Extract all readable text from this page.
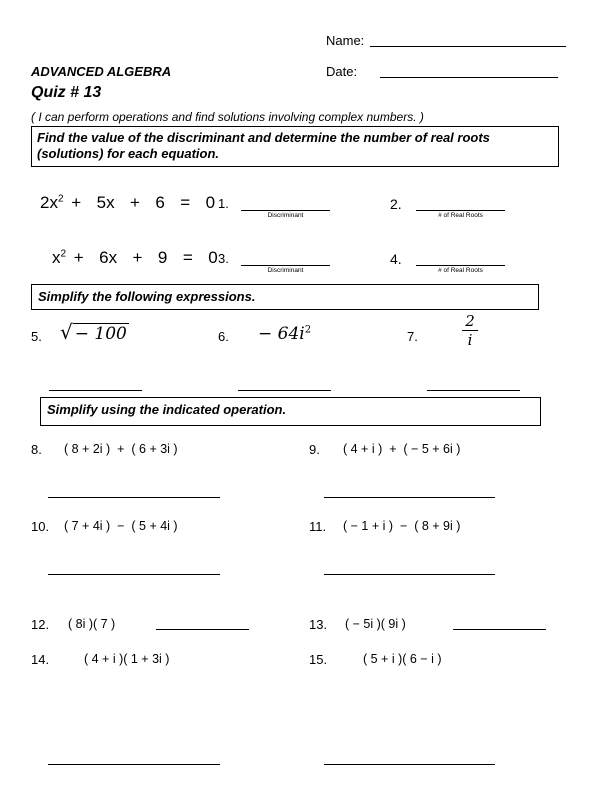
Name:
ADVANCED ALGEBRA	Date:
Quiz # 13
( I can perform operations and find solutions involving complex numbers. )
Find the value of the discriminant and determine the number of real roots (solutions) for each equation.
$2x^2 + 5x + 6 = 0$ 1.
Discriminant
2.
# of Real Roots
$x^2 + 6x + 9 = 0$ 3.
Discriminant
4.
# of Real Roots
Simplify the following expressions.
5. √ − 100	6. − $64i^2$	7.
2
i
Simplify using the indicated operation.
8. ( 8 + 2i )  +  ( 6 + 3i )	9. ( 4 + i )  +  ( − 5 + 6i )
10. ( 7 + 4i )  −  ( 5 + 4i )	11. ( − 1 + i )  −  ( 8 + 9i )
12. ( 8i )( 7 )	13. ( − 5i )( 9i )
14.	( 4 + i )( 1 + 3i )	15.	( 5 + i )( 6 − i )
